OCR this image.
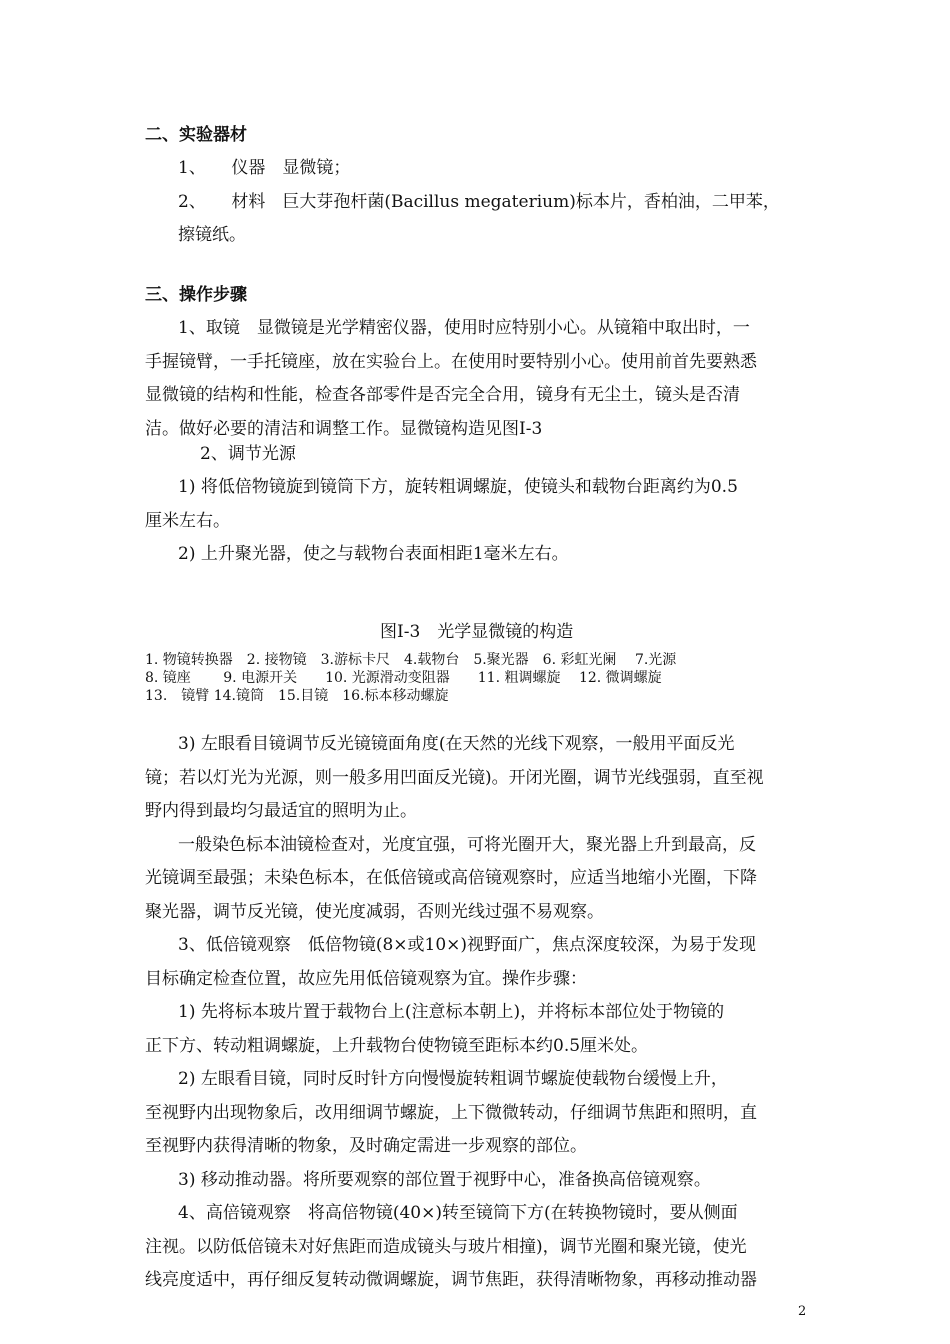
二、实验器材
1、　　仪器　显微镜；
2、　　材料　巨大芽孢杆菌(Bacillus megaterium)标本片，香柏油，二甲苯，
擦镜纸。
三、操作步骤
1、取镜　显微镜是光学精密仪器，使用时应特别小心。从镜箱中取出时，一
手握镜臂，一手托镜座，放在实验台上。在使用时要特别小心。使用前首先要熟悉
显微镜的结构和性能，检查各部零件是否完全合用，镜身有无尘土，镜头是否清
洁。做好必要的清洁和调整工作。显微镜构造见图Ⅰ-3
2、调节光源
1) 将低倍物镜旋到镜筒下方，旋转粗调螺旋，使镜头和载物台距离约为0.5
厘米左右。
2) 上升聚光器，使之与载物台表面相距1毫米左右。
图Ⅰ-3　光学显微镜的构造
1. 物镜转换器　2. 接物镜　3.游标卡尺　4.载物台　5.聚光器　6. 彩虹光阑　 7.光源
8. 镜座　　 9. 电源开关　　10. 光源滑动变阻器　　11. 粗调螺旋　 12. 微调螺旋
13.　镜臂 14.镜筒　15.目镜　16.标本移动螺旋
3) 左眼看目镜调节反光镜镜面角度(在天然的光线下观察，一般用平面反光
镜；若以灯光为光源，则一般多用凹面反光镜)。开闭光圈，调节光线强弱，直至视
野内得到最均匀最适宜的照明为止。
一般染色标本油镜检查对，光度宜强，可将光圈开大，聚光器上升到最高，反
光镜调至最强；未染色标本，在低倍镜或高倍镜观察时，应适当地缩小光圈，下降
聚光器，调节反光镜，使光度减弱，否则光线过强不易观察。
3、低倍镜观察　低倍物镜(8×或10×)视野面广，焦点深度较深，为易于发现
目标确定检查位置，故应先用低倍镜观察为宜。操作步骤：
1) 先将标本玻片置于载物台上(注意标本朝上)，并将标本部位处于物镜的
正下方、转动粗调螺旋，上升载物台使物镜至距标本约0.5厘米处。
2) 左眼看目镜，同时反时针方向慢慢旋转粗调节螺旋使载物台缓慢上升，
至视野内出现物象后，改用细调节螺旋，上下微微转动，仔细调节焦距和照明，直
至视野内获得清晰的物象，及时确定需进一步观察的部位。
3) 移动推动器。将所要观察的部位置于视野中心，准备换高倍镜观察。
4、高倍镜观察　将高倍物镜(40×)转至镜筒下方(在转换物镜时，要从侧面
注视。以防低倍镜未对好焦距而造成镜头与玻片相撞)，调节光圈和聚光镜，使光
线亮度适中，再仔细反复转动微调螺旋，调节焦距，获得清晰物象，再移动推动器
2
